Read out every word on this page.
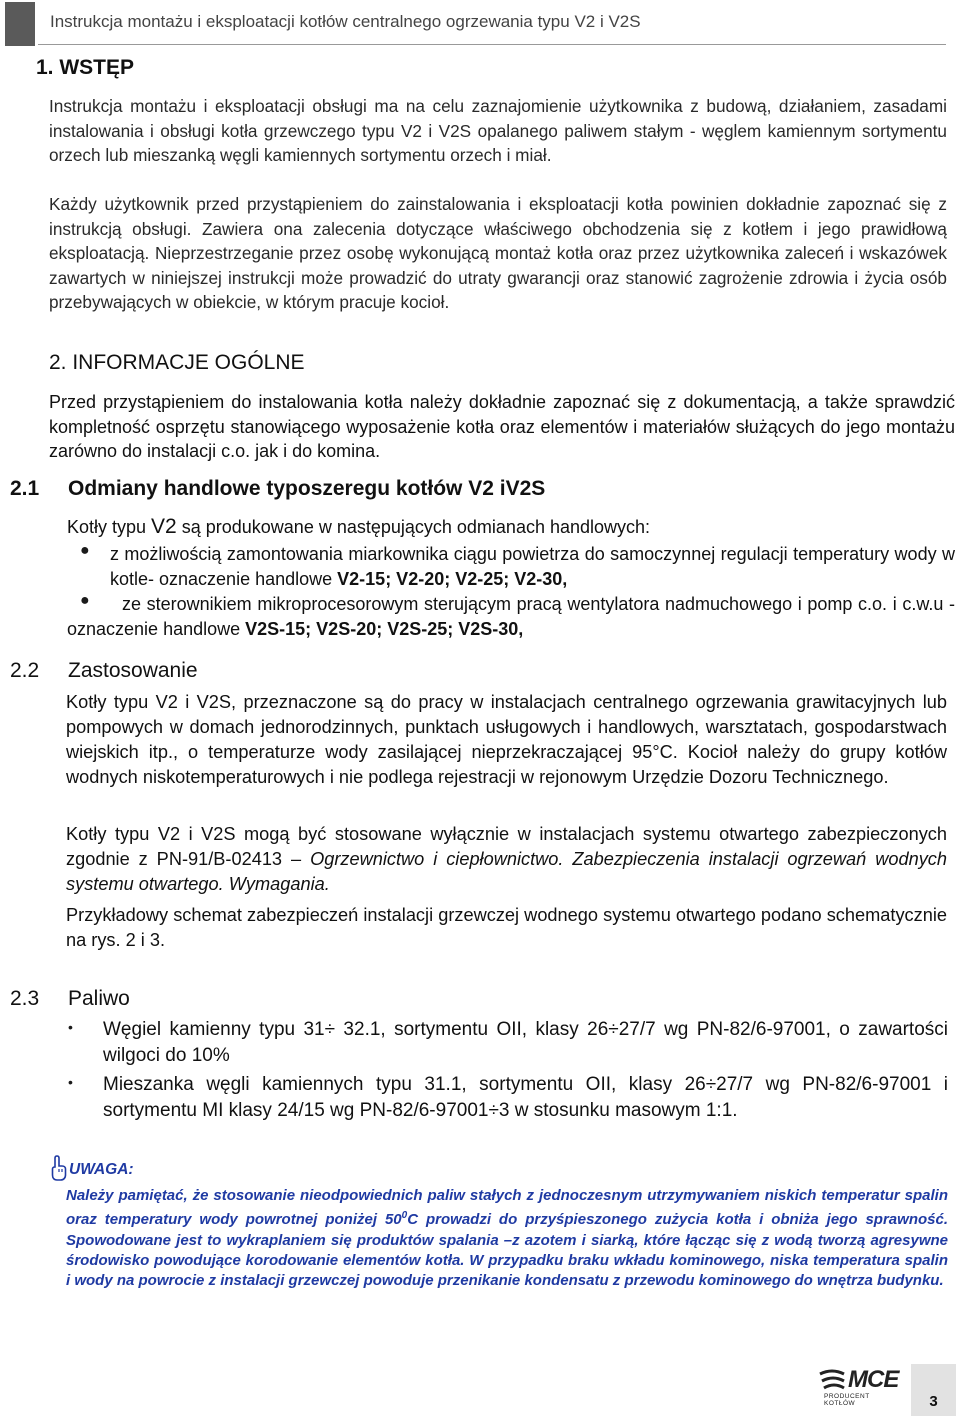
Instrukcja montażu i eksploatacji kotłów centralnego ogrzewania typu V2 i V2S
1. WSTĘP

Instrukcja montażu i eksploatacji obsługi ma na celu zaznajomienie użytkownika z budową, działaniem, zasadami instalowania i obsługi kotła grzewczego typu V2 i V2S opalanego paliwem stałym - węglem kamiennym sortymentu orzech lub mieszanką węgli kamiennych sortymentu orzech i miał.

Każdy użytkownik przed przystąpieniem do zainstalowania i eksploatacji kotła powinien dokładnie zapoznać się z instrukcją obsługi. Zawiera ona zalecenia dotyczące właściwego obchodzenia się z kotłem i jego prawidłową eksploatacją. Nieprzestrzeganie przez osobę wykonującą montaż kotła oraz przez użytkownika zaleceń i wskazówek zawartych w niniejszej instrukcji może prowadzić do utraty gwarancji oraz stanowić zagrożenie zdrowia i życia osób przebywających w obiekcie, w którym pracuje kocioł.

2. INFORMACJE OGÓLNE

Przed przystąpieniem do instalowania kotła należy dokładnie zapoznać się z dokumentacją, a także sprawdzić kompletność osprzętu stanowiącego wyposażenie kotła oraz elementów i materiałów służących do jego montażu zarówno do instalacji c.o. jak i do komina.

2.1 Odmiany handlowe typoszeregu kotłów V2 iV2S

Kotły typu V2 są produkowane w następujących odmianach handlowych:

● z możliwością zamontowania miarkownika ciągu powietrza do samoczynnej regulacji temperatury wody w kotle- oznaczenie handlowe V2-15; V2-20; V2-25; V2-30,
●	ze sterownikiem mikroprocesorowym sterującym pracą wentylatora nadmuchowego i pomp c.o. i c.w.u - oznaczenie handlowe V2S-15; V2S-20; V2S-25; V2S-30,
2.2 Zastosowanie

Kotły typu V2 i V2S, przeznaczone są do pracy w instalacjach centralnego ogrzewania grawitacyjnych lub pompowych w domach jednorodzinnych, punktach usługowych i handlowych, warsztatach, gospodarstwach wiejskich itp., o temperaturze wody zasilającej nieprzekraczającej 95°C. Kocioł należy do grupy kotłów wodnych niskotemperaturowych i nie podlega rejestracji w rejonowym Urzędzie Dozoru Technicznego.

Kotły typu V2 i V2S mogą być stosowane wyłącznie w instalacjach systemu otwartego zabezpieczonych zgodnie z PN-91/B-02413 – Ogrzewnictwo i ciepłownictwo. Zabezpieczenia instalacji ogrzewań wodnych systemu otwartego. Wymagania.

Przykładowy schemat zabezpieczeń instalacji grzewczej wodnego systemu otwartego podano schematycznie na rys. 2 i 3.

2.3 Paliwo
• Węgiel kamienny typu 31÷ 32.1, sortymentu OII, klasy 26÷27/7 wg PN-82/6-97001, o zawartości wilgoci do 10%
• Mieszanka węgli kamiennych typu 31.1, sortymentu OII, klasy 26÷27/7 wg PN-82/6-97001 i sortymentu MI klasy 24/15 wg PN-82/6-97001÷3 w stosunku masowym 1:1.
UWAGA:

Należy pamiętać, że stosowanie nieodpowiednich paliw stałych z jednoczesnym utrzymywaniem niskich temperatur spalin oraz temperatury wody powrotnej poniżej $50^0C$ prowadzi do przyśpieszonego zużycia kotła i obniża jego sprawność. Spowodowane jest to wykraplaniem się produktów spalania –z azotem i siarką, które łącząc się z wodą tworzą agresywne środowisko powodujące korodowanie elementów kotła. W przypadku braku wkładu kominowego, niska temperatura spalin i wody na powrocie z instalacji grzewczej powoduje przenikanie kondensatu z przewodu kominowego do wnętrza budynku.

MCE
PRODUCENT KOTŁÓW	3
